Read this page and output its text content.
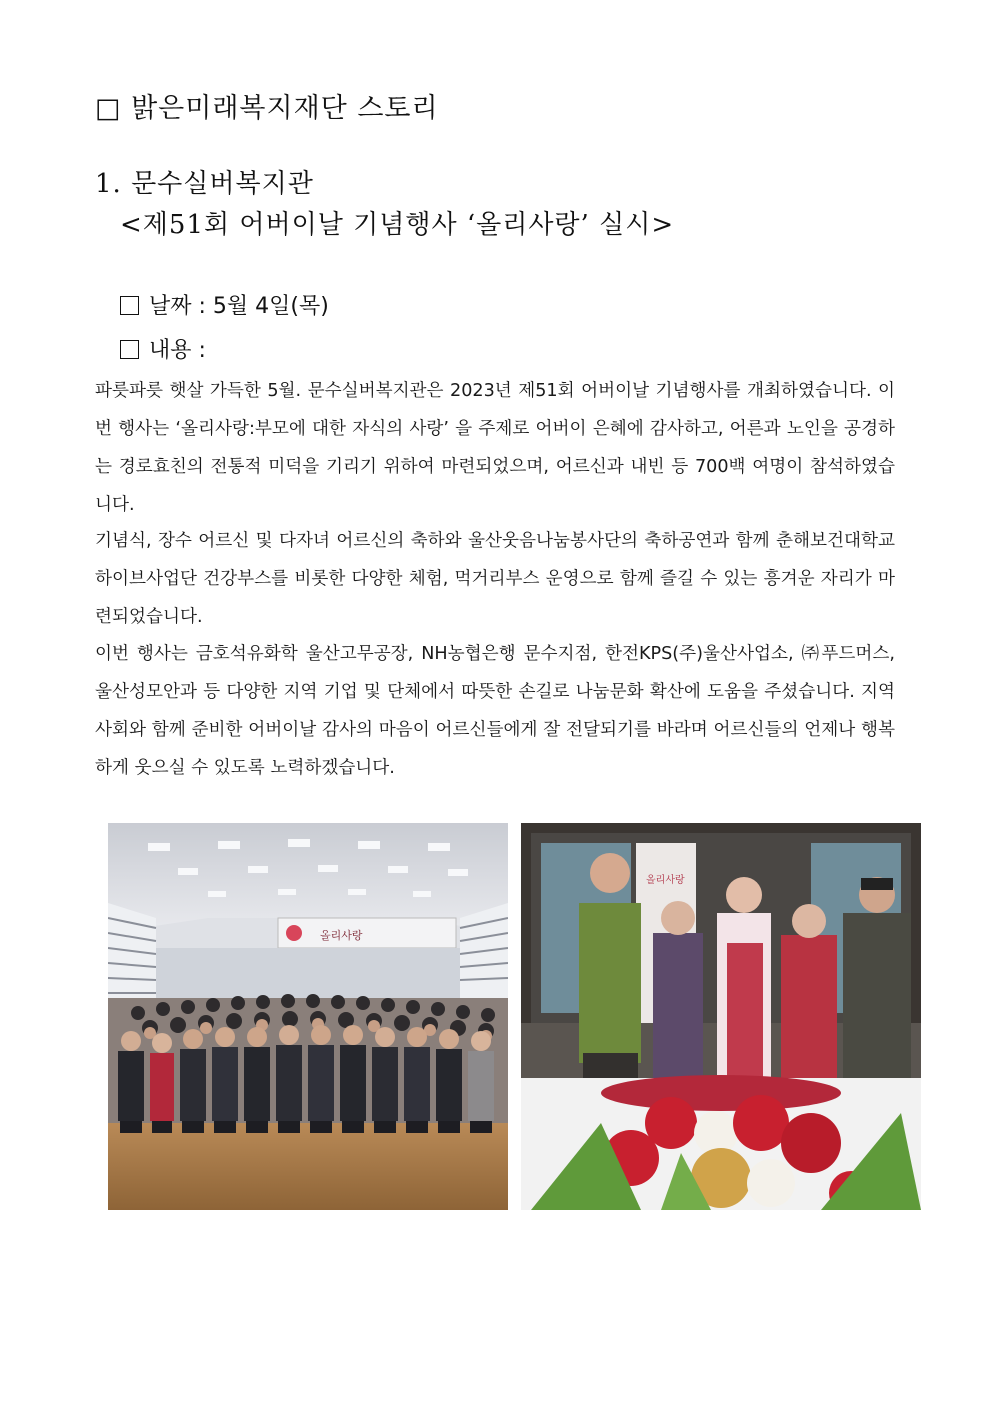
□ 밝은미래복지재단 스토리
1. 문수실버복지관
<제51회 어버이날 기념행사 ‘올리사랑’ 실시>
날짜 : 5월 4일(목)
내용 :
파릇파릇 햇살 가득한 5월. 문수실버복지관은 2023년 제51회 어버이날 기념행사를 개최하였습니다. 이번 행사는 ‘올리사랑:부모에 대한 자식의 사랑’ 을 주제로 어버이 은혜에 감사하고, 어른과 노인을 공경하는 경로효친의 전통적 미덕을 기리기 위하여 마련되었으며, 어르신과 내빈 등 700백 여명이 참석하였습니다.
기념식, 장수 어르신 및 다자녀 어르신의 축하와 울산웃음나눔봉사단의 축하공연과 함께 춘해보건대학교 하이브사업단 건강부스를 비롯한 다양한 체험, 먹거리부스 운영으로 함께 즐길 수 있는 흥겨운 자리가 마련되었습니다.
이번 행사는 금호석유화학 울산고무공장, NH농협은행 문수지점, 한전KPS(주)울산사업소, ㈜푸드머스, 울산성모안과 등 다양한 지역 기업 및 단체에서 따뜻한 손길로 나눔문화 확산에 도움을 주셨습니다. 지역사회와 함께 준비한 어버이날 감사의 마음이 어르신들에게 잘 전달되기를 바라며 어르신들의 언제나 행복하게 웃으실 수 있도록 노력하겠습니다.
올리사랑
올리사랑
